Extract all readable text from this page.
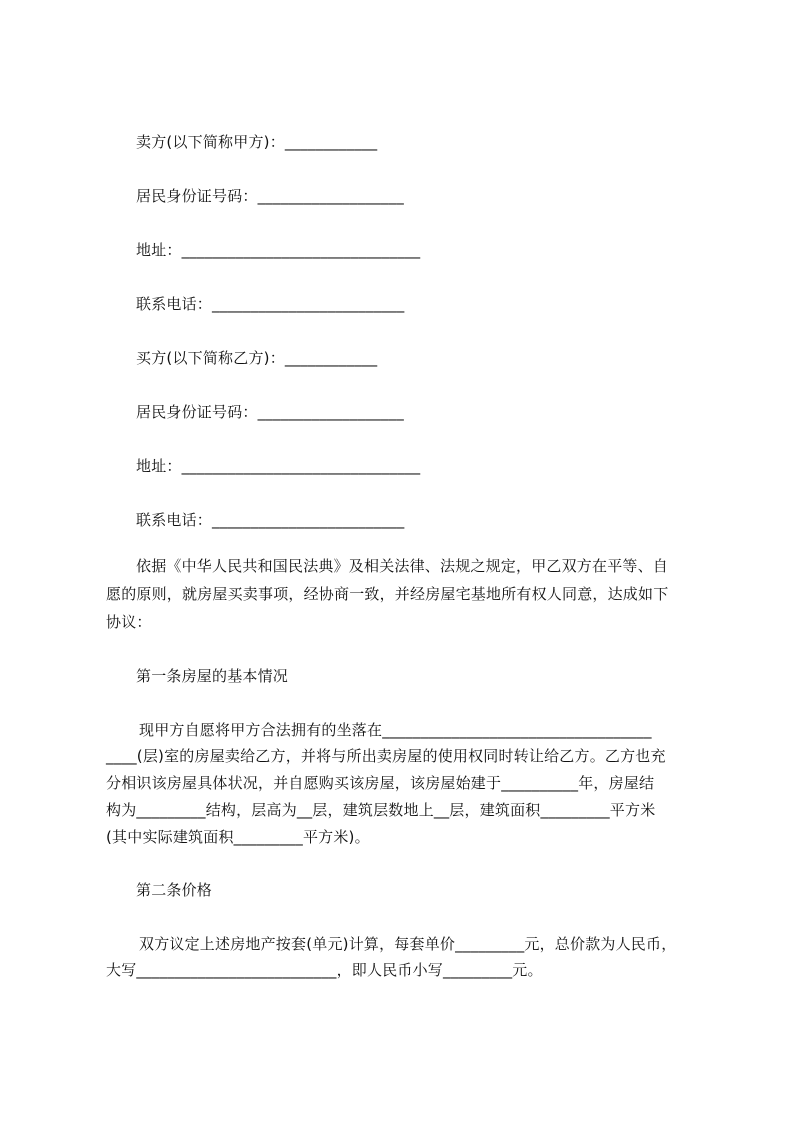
卖方(以下简称甲方)：____________
居民身份证号码：___________________
地址：_______________________________
联系电话：_________________________
买方(以下简称乙方)：____________
居民身份证号码：___________________
地址：_______________________________
联系电话：_________________________
依据《中华人民共和国民法典》及相关法律、法规之规定，甲乙双方在平等、自
愿的原则，就房屋买卖事项，经协商一致，并经房屋宅基地所有权人同意，达成如下
协议：
第一条房屋的基本情况
现甲方自愿将甲方合法拥有的坐落在___________________________________
____(层)室的房屋卖给乙方，并将与所出卖房屋的使用权同时转让给乙方。乙方也充
分相识该房屋具体状况，并自愿购买该房屋，该房屋始建于__________年，房屋结
构为_________结构，层高为__层，建筑层数地上__层，建筑面积_________平方米
(其中实际建筑面积_________平方米)。
第二条价格
双方议定上述房地产按套(单元)计算，每套单价_________元，总价款为人民币，
大写__________________________，即人民币小写_________元。
